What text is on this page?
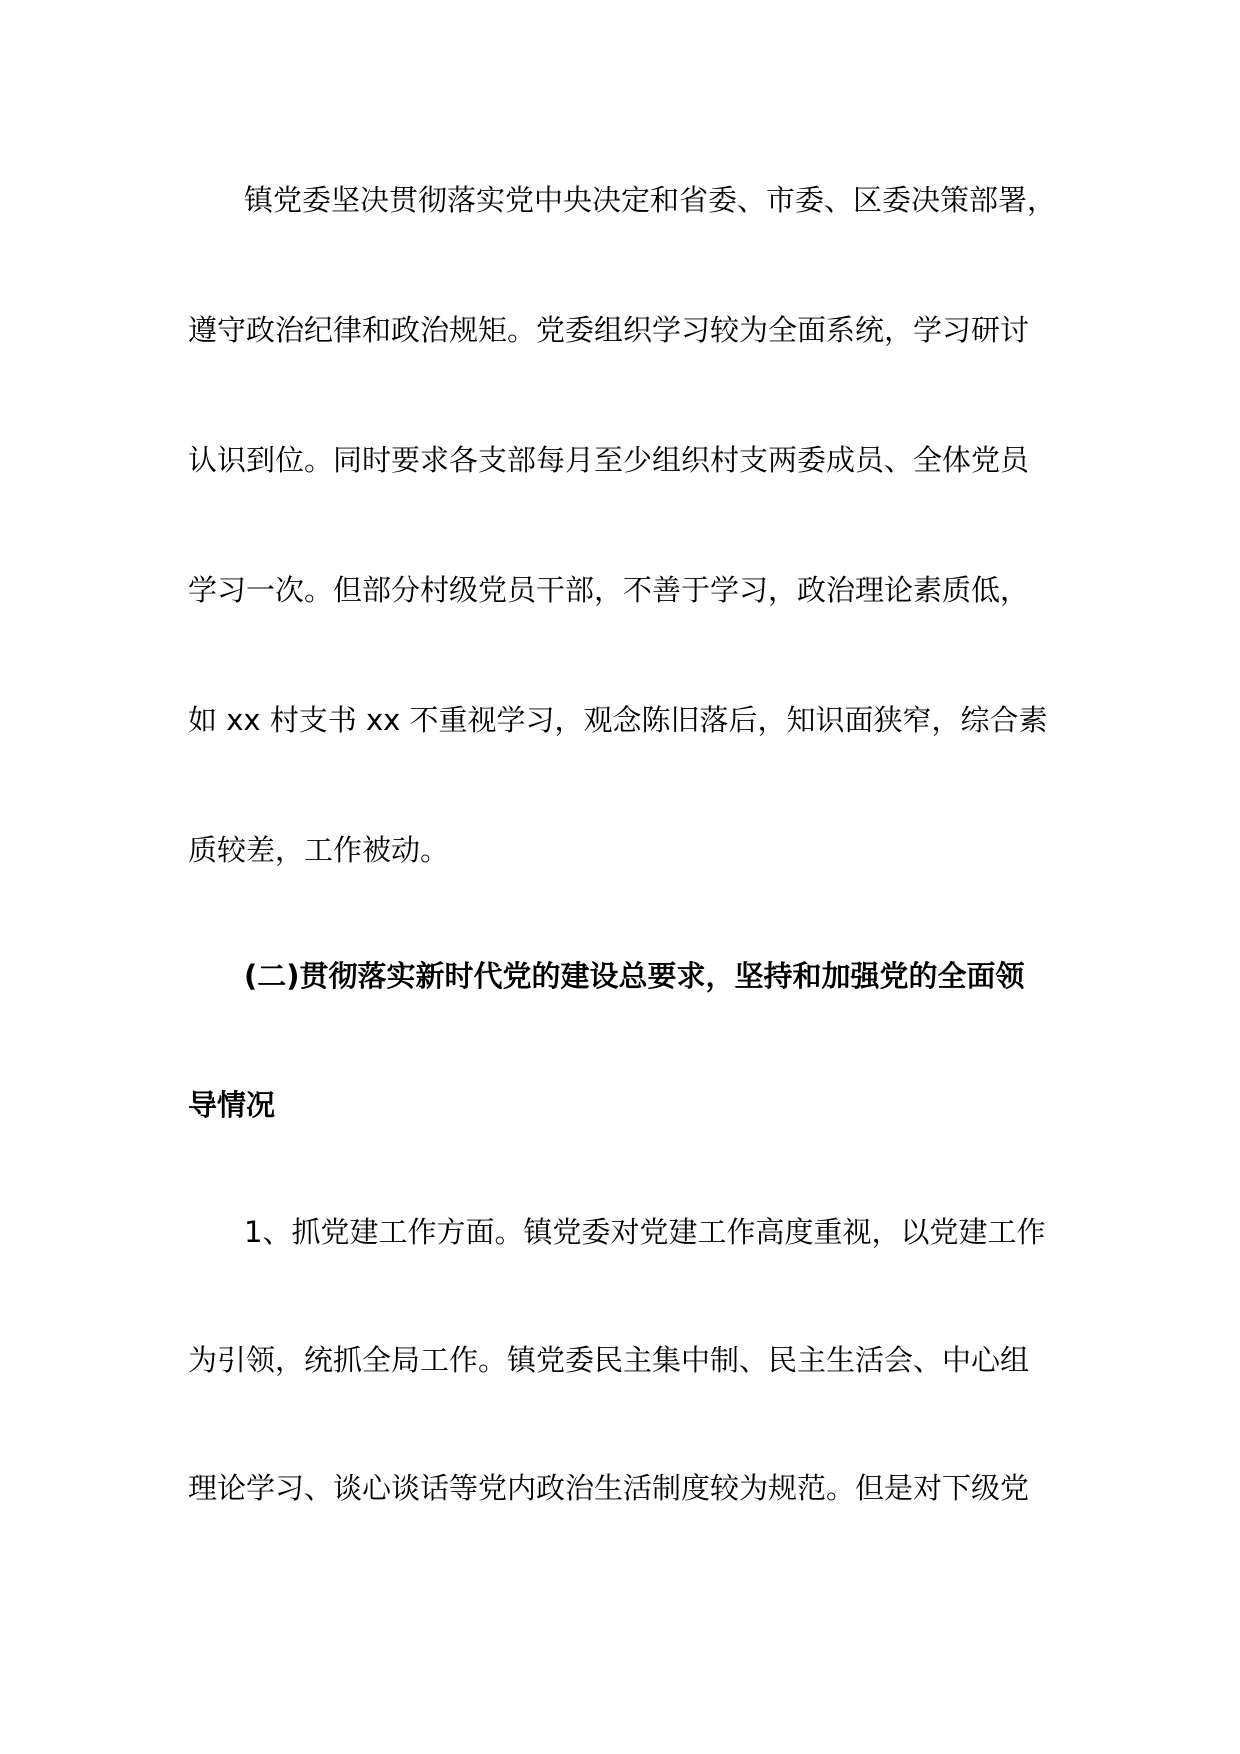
镇党委坚决贯彻落实党中央决定和省委、市委、区委决策部署，
遵守政治纪律和政治规矩。党委组织学习较为全面系统，学习研讨
认识到位。同时要求各支部每月至少组织村支两委成员、全体党员
学习一次。但部分村级党员干部，不善于学习，政治理论素质低，
如 xx 村支书 xx 不重视学习，观念陈旧落后，知识面狭窄，综合素
质较差，工作被动。
(二)贯彻落实新时代党的建设总要求，坚持和加强党的全面领
导情况
1、抓党建工作方面。镇党委对党建工作高度重视，以党建工作
为引领，统抓全局工作。镇党委民主集中制、民主生活会、中心组
理论学习、谈心谈话等党内政治生活制度较为规范。但是对下级党
